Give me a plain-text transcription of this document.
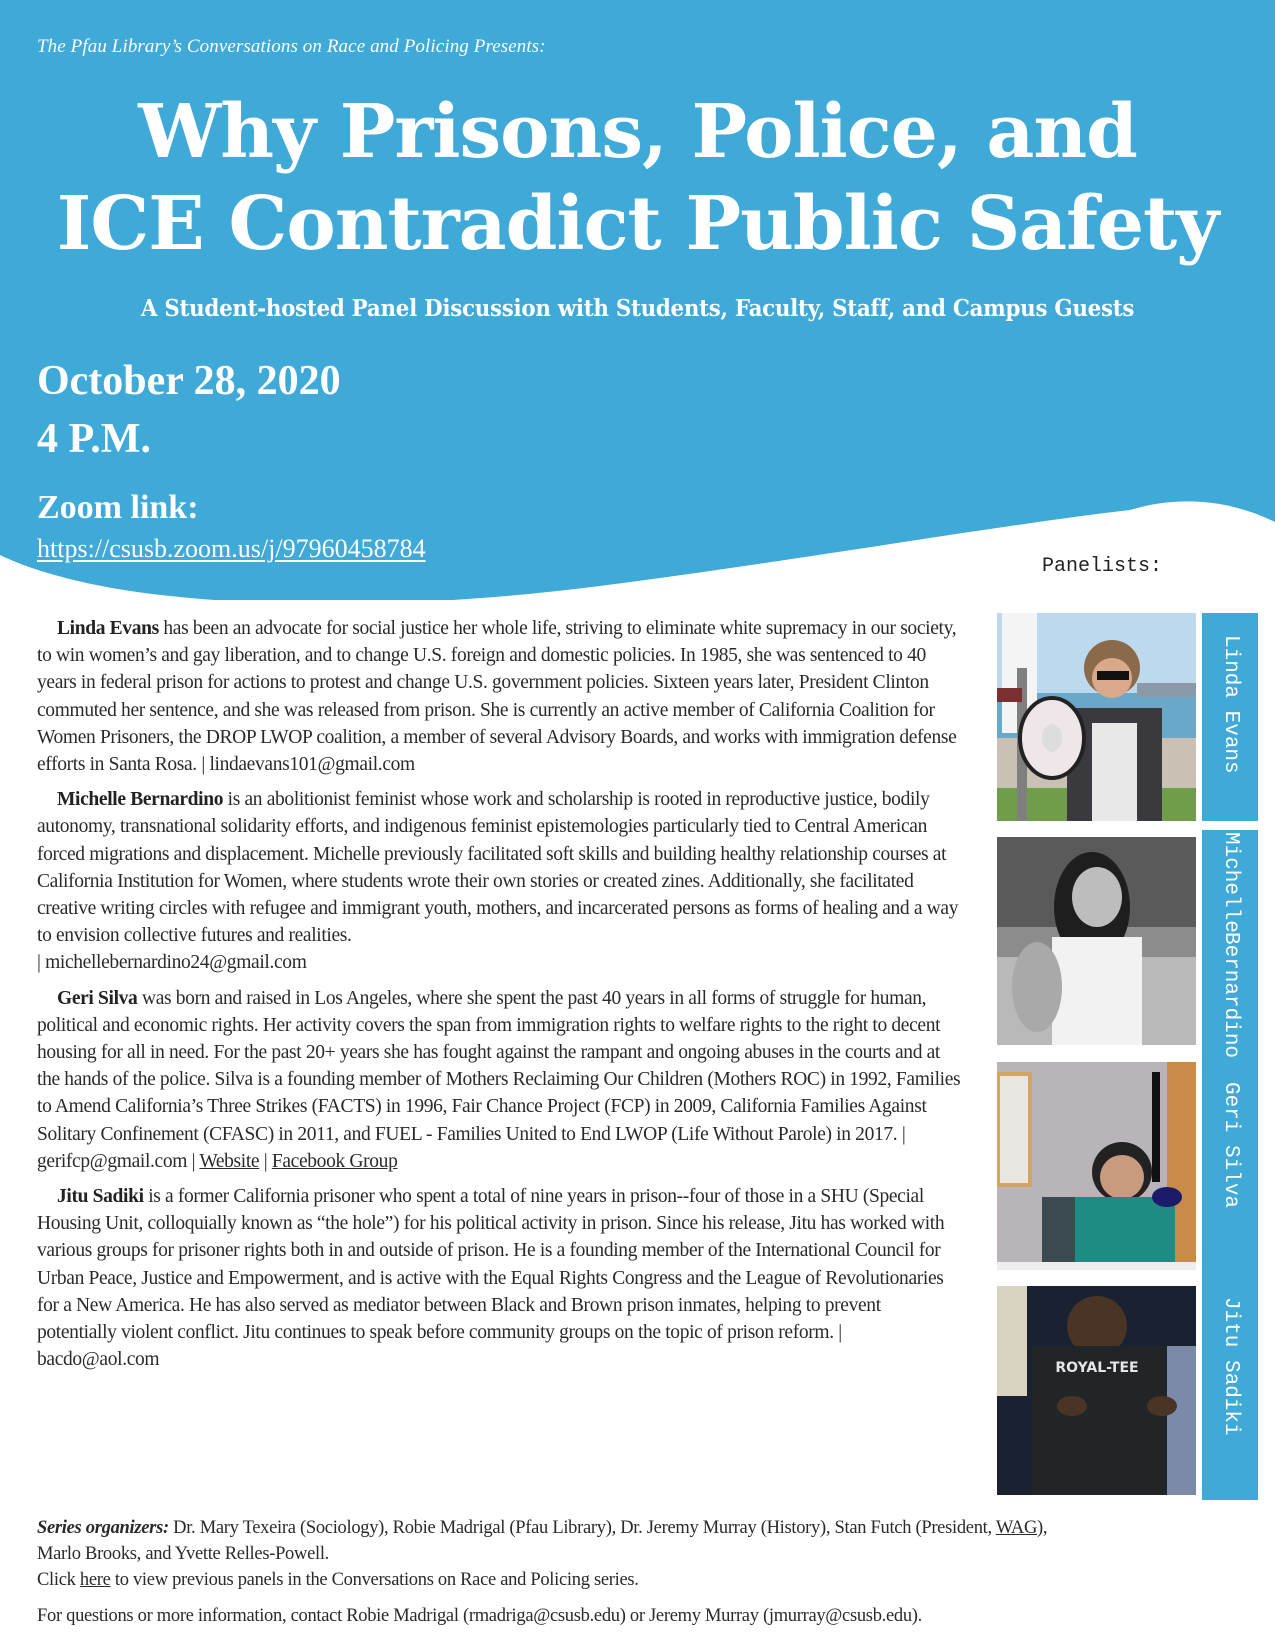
The Pfau Library’s Conversations on Race and Policing Presents:
Why Prisons, Police, and
ICE Contradict Public Safety
A Student-hosted Panel Discussion with Students, Faculty, Staff, and Campus Guests
October 28, 2020
4 P.M.
Zoom link:
https://csusb.zoom.us/j/97960458784
Panelists:

Linda Evans has been an advocate for social justice her whole life, striving to eliminate white supremacy in our society, to win women’s and gay liberation, and to change U.S. foreign and domestic policies. In 1985, she was sentenced to 40 years in federal prison for actions to protest and change U.S. government policies. Sixteen years later, President Clinton commuted her sentence, and she was released from prison. She is currently an active member of California Coalition for Women Prisoners, the DROP LWOP coalition, a member of several Advisory Boards, and works with immigration defense efforts in Santa Rosa. | lindaevans101@gmail.com

Michelle Bernardino is an abolitionist feminist whose work and scholarship is rooted in reproductive justice, bodily autonomy, transnational solidarity efforts, and indigenous feminist epistemologies particularly tied to Central American forced migrations and displacement. Michelle previously facilitated soft skills and building healthy relationship courses at California Institution for Women, where students wrote their own stories or created zines. Additionally, she facilitated creative writing circles with refugee and immigrant youth, mothers, and incarcerated persons as forms of healing and a way to envision collective futures and realities.
| michellebernardino24@gmail.com

Geri Silva was born and raised in Los Angeles, where she spent the past 40 years in all forms of struggle for human, political and economic rights. Her activity covers the span from immigration rights to welfare rights to the right to decent housing for all in need. For the past 20+ years she has fought against the rampant and ongoing abuses in the courts and at the hands of the police. Silva is a founding member of Mothers Reclaiming Our Children (Mothers ROC) in 1992, Families to Amend California’s Three Strikes (FACTS) in 1996, Fair Chance Project (FCP) in 2009, California Families Against Solitary Confinement (CFASC) in 2011, and FUEL - Families United to End LWOP (Life Without Parole) in 2017. | gerifcp@gmail.com | Website | Facebook Group

Jitu Sadiki is a former California prisoner who spent a total of nine years in prison--four of those in a SHU (Special Housing Unit, colloquially known as “the hole”) for his political activity in prison. Since his release, Jitu has worked with various groups for prisoner rights both in and outside of prison. He is a founding member of the International Council for Urban Peace, Justice and Empowerment, and is active with the Equal Rights Congress and the League of Revolutionaries for a New America. He has also served as mediator between Black and Brown prison inmates, helping to prevent potentially violent conflict. Jitu continues to speak before community groups on the topic of prison reform. | bacdo@aol.com

Linda Evans
Michelle
Bernardino
Geri Silva
ROYAL-TEE	Jitu Sadiki
Series organizers: Dr. Mary Texeira (Sociology), Robie Madrigal (Pfau Library), Dr. Jeremy Murray (History), Stan Futch (President, WAG),
Marlo Brooks, and Yvette Relles-Powell.
Click here to view previous panels in the Conversations on Race and Policing series.
For questions or more information, contact Robie Madrigal (rmadriga@csusb.edu) or Jeremy Murray (jmurray@csusb.edu).
